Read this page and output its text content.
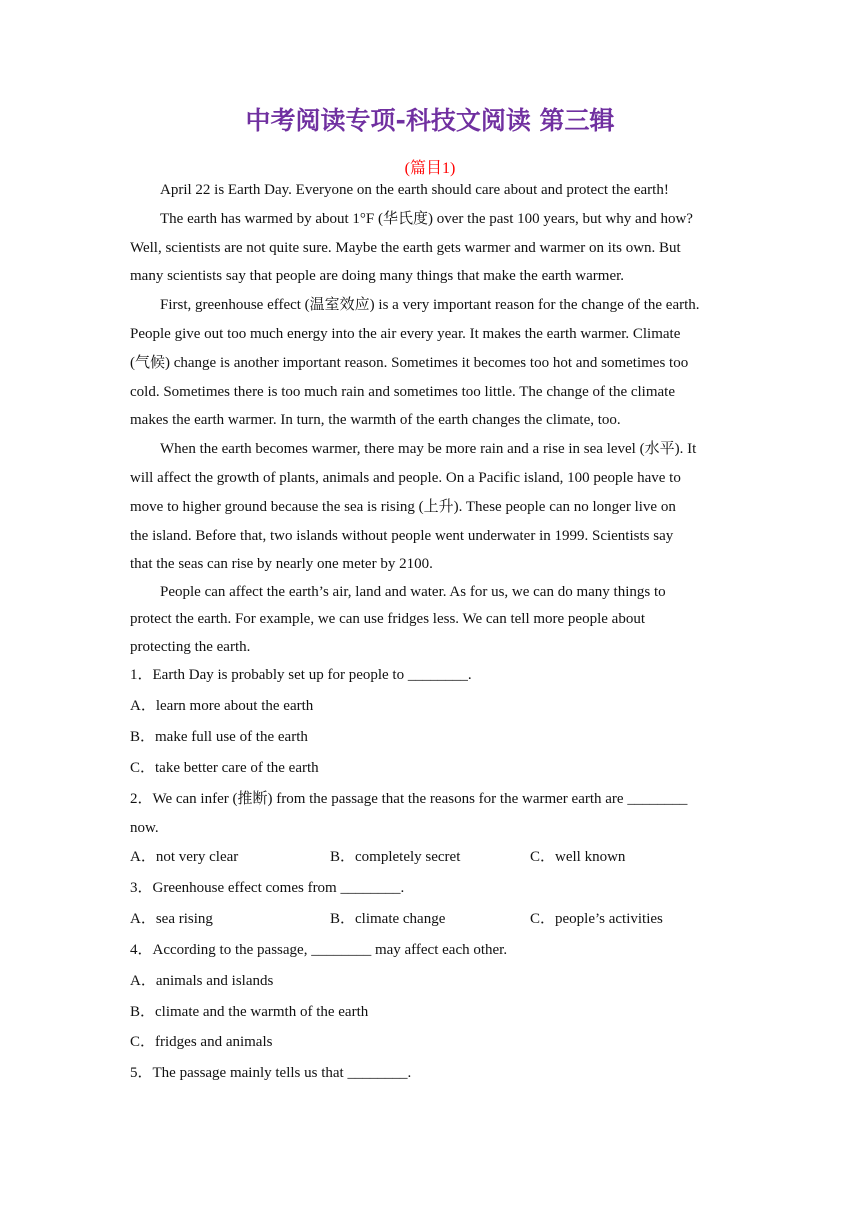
中考阅读专项-科技文阅读 第三辑
(篇目1)
April 22 is Earth Day. Everyone on the earth should care about and protect the earth!
The earth has warmed by about 1°F (华氏度) over the past 100 years, but why and how?
Well, scientists are not quite sure. Maybe the earth gets warmer and warmer on its own. But
many scientists say that people are doing many things that make the earth warmer.
First, greenhouse effect (温室效应) is a very important reason for the change of the earth.
People give out too much energy into the air every year. It makes the earth warmer. Climate
(气候) change is another important reason. Sometimes it becomes too hot and sometimes too
cold. Sometimes there is too much rain and sometimes too little. The change of the climate
makes the earth warmer. In turn, the warmth of the earth changes the climate, too.
When the earth becomes warmer, there may be more rain and a rise in sea level (水平). It
will affect the growth of plants, animals and people. On a Pacific island, 100 people have to
move to higher ground because the sea is rising (上升). These people can no longer live on
the island. Before that, two islands without people went underwater in 1999. Scientists say
that the seas can rise by nearly one meter by 2100.
People can affect the earth’s air, land and water. As for us, we can do many things to
protect the earth. For example, we can use fridges less. We can tell more people about
protecting the earth.
1．Earth Day is probably set up for people to ________.
A．learn more about the earth
B．make full use of the earth
C．take better care of the earth
2．We can infer (推断) from the passage that the reasons for the warmer earth are ________
now.
A．not very clear	B．completely secret	C．well known
3．Greenhouse effect comes from ________.
A．sea rising	B．climate change	C．people’s activities
4．According to the passage, ________ may affect each other.
A．animals and islands
B．climate and the warmth of the earth
C．fridges and animals
5．The passage mainly tells us that ________.
